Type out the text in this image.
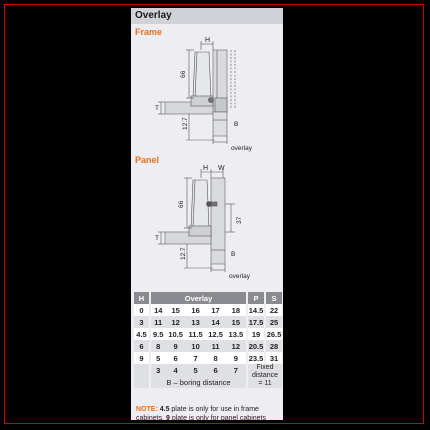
Overlay
Frame
H
66
T
12.7	B
overlay
Panel
H W
66
37
T
12.7	B
overlay
H		Overlay						P		S
0		14	15	16	17	18		14.5		22
3		11	12	13	14	15		17.5		25
4.5		9.5	10.5	11.5	12.5	13.5		19		26.5
6		8	9	10	11	12		20.5		28
9		5	6	7	8	9		23.5		31
		3	4	5	6	7		Fixed
distance
= 11		
		B – boring distance								
NOTE: 4.5 plate is only for use in frame cabinets, 9 plate is only for panel cabinets
